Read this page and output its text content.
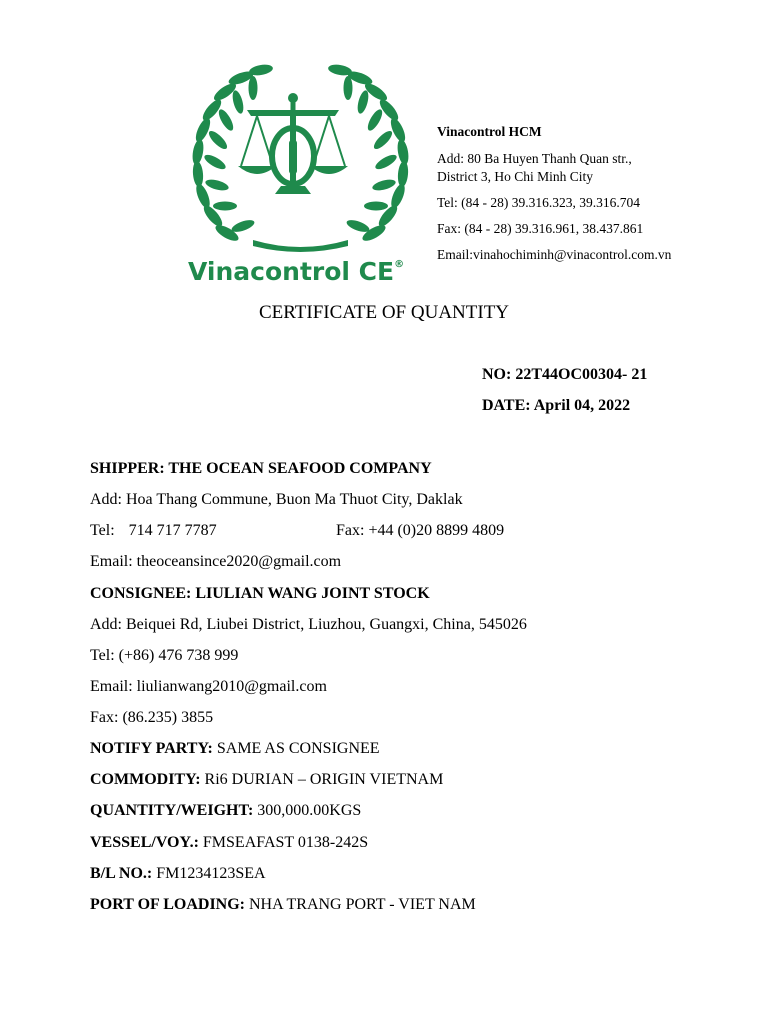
Vinacontrol CE®

Vinacontrol HCM

Add: 80 Ba Huyen Thanh Quan str.,
District 3, Ho Chi Minh City

Tel: (84 - 28) 39.316.323, 39.316.704

Fax: (84 - 28) 39.316.961, 38.437.861

Email:vinahochiminh@vinacontrol.com.vn

CERTIFICATE OF QUANTITY
NO: 22T44OC00304- 21
DATE: April 04, 2022
SHIPPER: THE OCEAN SEAFOOD COMPANY
Add: Hoa Thang Commune, Buon Ma Thuot City, Daklak
Tel: 714 717 7787	Fax: +44 (0)20 8899 4809
Email: theoceansince2020@gmail.com
CONSIGNEE: LIULIAN WANG JOINT STOCK
Add: Beiquei Rd, Liubei District, Liuzhou, Guangxi, China, 545026
Tel: (+86) 476 738 999
Email: liulianwang2010@gmail.com
Fax: (86.235) 3855
NOTIFY PARTY: SAME AS CONSIGNEE
COMMODITY: Ri6 DURIAN – ORIGIN VIETNAM
QUANTITY/WEIGHT: 300,000.00KGS
VESSEL/VOY.: FMSEAFAST 0138-242S
B/L NO.: FM1234123SEA
PORT OF LOADING: NHA TRANG PORT - VIET NAM
